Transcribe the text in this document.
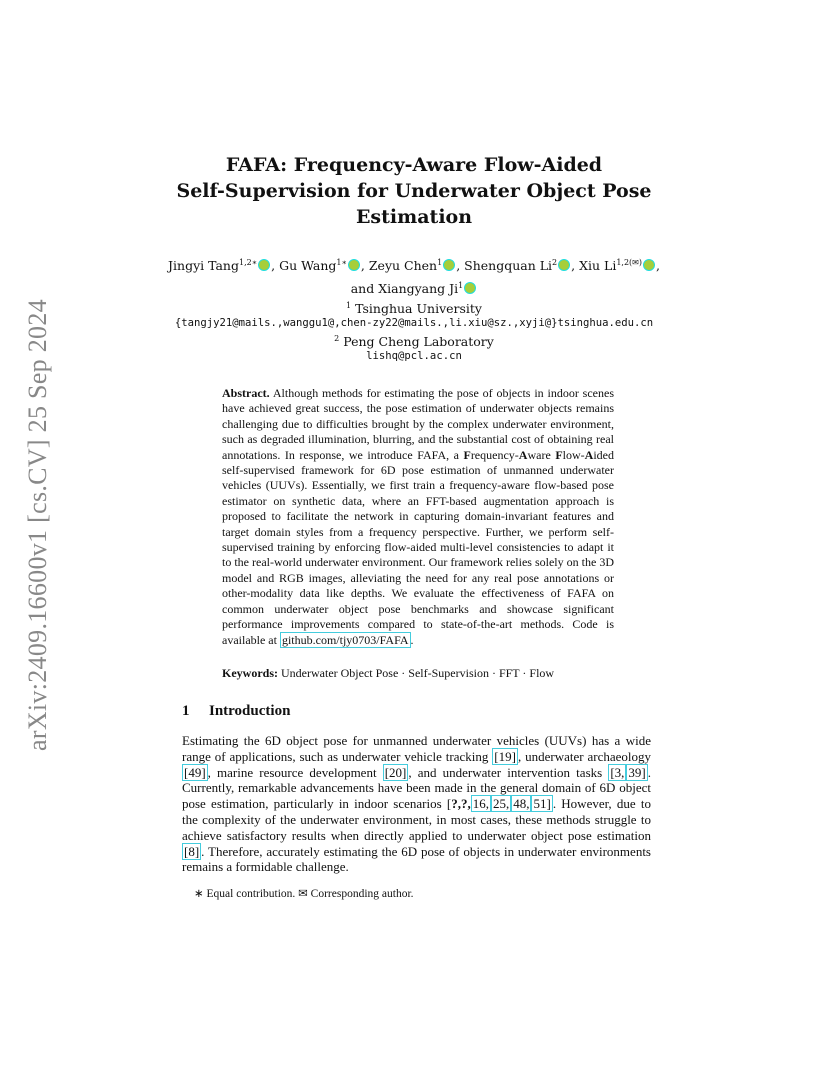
arXiv:2409.16600v1 [cs.CV] 25 Sep 2024
FAFA: Frequency-Aware Flow-Aided
Self-Supervision for Underwater Object Pose
Estimation
Jingyi Tang$^{1,2∗}$ , Gu Wang$^{1∗}$ , Zeyu Chen$^1$ , Shengquan Li$^2$ , Xiu $Li^{1,2(✉)}$ ,
and Xiangyang Ji$^1$
$^1$ Tsinghua University
{tangjy21@mails.,wanggu1@,chen-zy22@mails.,li.xiu@sz.,xyji@}tsinghua.edu.cn
$^2$ Peng Cheng Laboratory
lishq@pcl.ac.cn
Abstract. Although methods for estimating the pose of objects in indoor scenes have achieved great success, the pose estimation of underwater objects remains challenging due to difficulties brought by the complex underwater environment, such as degraded illumination, blurring, and the substantial cost of obtaining real annotations. In response, we introduce FAFA, a Frequency-Aware Flow-Aided self-supervised framework for 6D pose estimation of unmanned underwater vehicles (UUVs). Essentially, we first train a frequency-aware flow-based pose estimator on synthetic data, where an FFT-based augmentation approach is proposed to facilitate the network in capturing domain-invariant features and target domain styles from a frequency perspective. Further, we perform self-supervised training by enforcing flow-aided multi-level consistencies to adapt it to the real-world underwater environment. Our framework relies solely on the 3D model and RGB images, alleviating the need for any real pose annotations or other-modality data like depths. We evaluate the effectiveness of FAFA on common underwater object pose benchmarks and showcase significant performance improvements compared to state-of-the-art methods. Code is available at github.com/tjy0703/FAFA .
Keywords: Underwater Object Pose · Self-Supervision · FFT · Flow
1 Introduction
Estimating the 6D object pose for unmanned underwater vehicles (UUVs) has a wide range of applications, such as underwater vehicle tracking [19] , underwater archaeology [49] , marine resource development [20] , and underwater intervention tasks [3, 39] . Currently, remarkable advancements have been made in the general domain of 6D object pose estimation, particularly in indoor scenarios [?,?, 16, 25, 48, 51] . However, due to the complexity of the underwater environment, in most cases, these methods struggle to achieve satisfactory results when directly applied to underwater object pose estimation [8] . Therefore, accurately estimating the 6D pose of objects in underwater environments remains a formidable challenge.
∗ Equal contribution. ✉ Corresponding author.
